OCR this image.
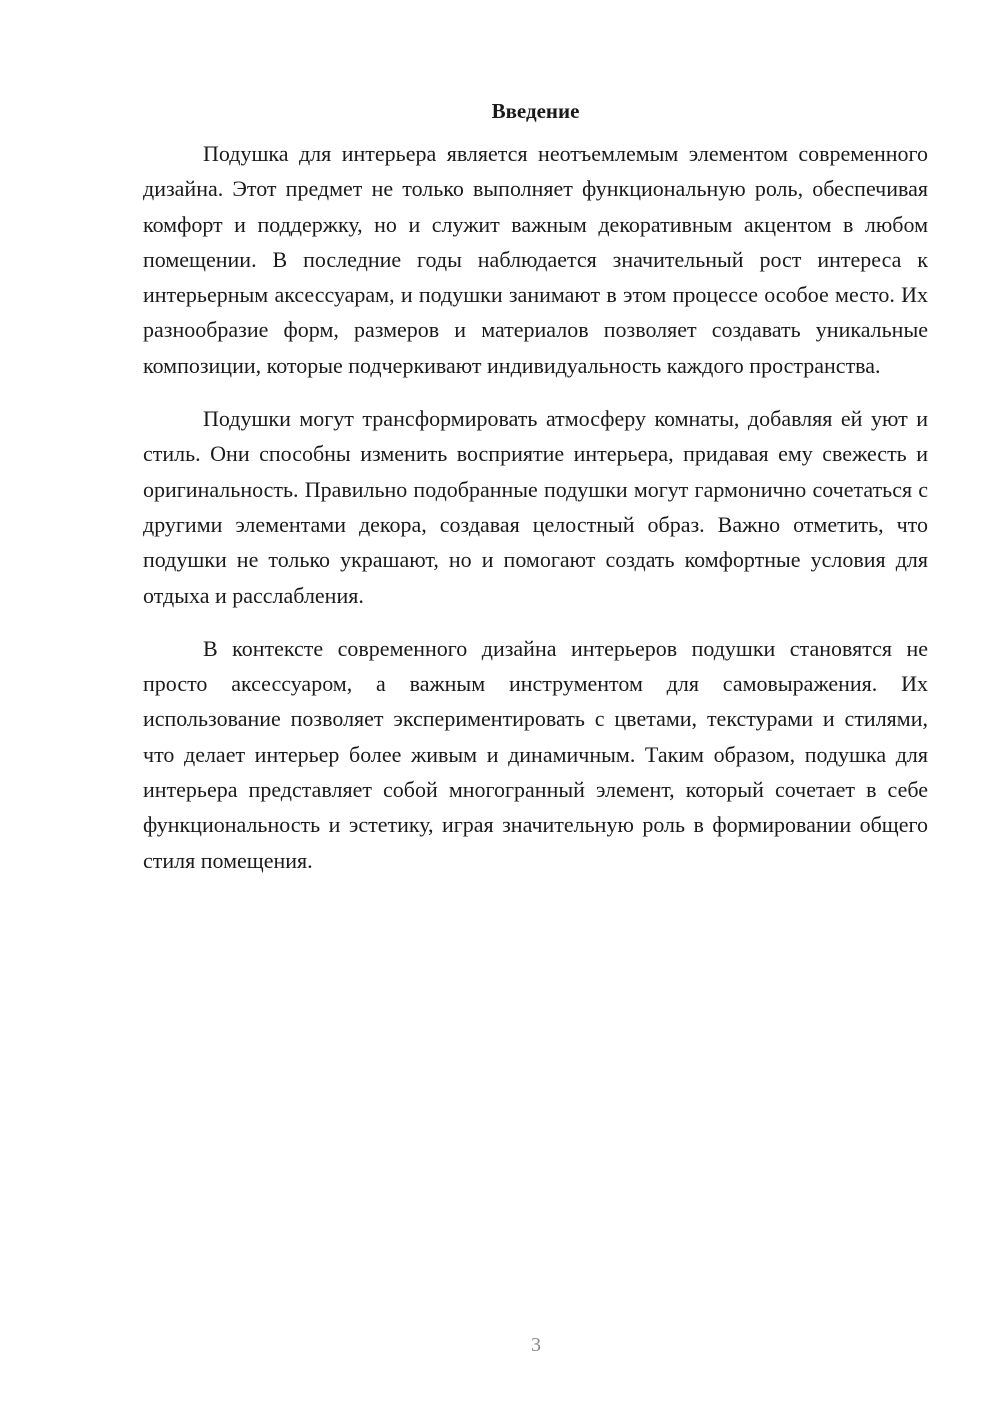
Введение

Подушка для интерьера является неотъемлемым элементом современного дизайна. Этот предмет не только выполняет функциональную роль, обеспечивая комфорт и поддержку, но и служит важным декоративным акцентом в любом помещении. В последние годы наблюдается значительный рост интереса к интерьерным аксессуарам, и подушки занимают в этом процессе особое место. Их разнообразие форм, размеров и материалов позволяет создавать уникальные композиции, которые подчеркивают индивидуальность каждого пространства.

Подушки могут трансформировать атмосферу комнаты, добавляя ей уют и стиль. Они способны изменить восприятие интерьера, придавая ему свежесть и оригинальность. Правильно подобранные подушки могут гармонично сочетаться с другими элементами декора, создавая целостный образ. Важно отметить, что подушки не только украшают, но и помогают создать комфортные условия для отдыха и расслабления.

В контексте современного дизайна интерьеров подушки становятся не просто аксессуаром, а важным инструментом для самовыражения. Их использование позволяет экспериментировать с цветами, текстурами и стилями, что делает интерьер более живым и динамичным. Таким образом, подушка для интерьера представляет собой многогранный элемент, который сочетает в себе функциональность и эстетику, играя значительную роль в формировании общего стиля помещения.

3
